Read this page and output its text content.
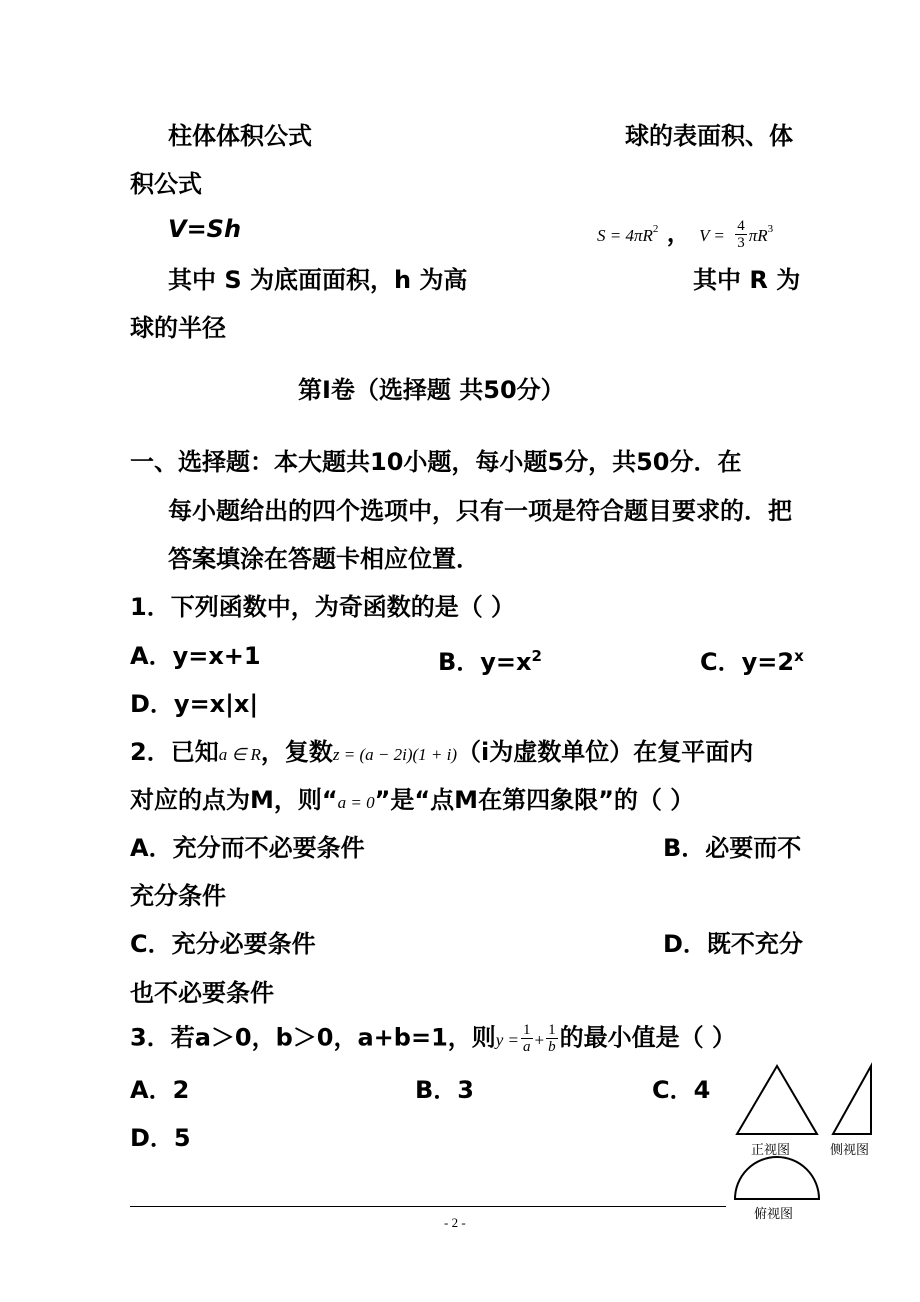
柱体体积公式	球的表面积、体
积公式
V=Sh	$S = 4\pi R^2$ ， $V = \frac{4}{3} \pi R^3$
其中 S 为底面面积，h 为高	其中 R 为
球的半径
第Ⅰ卷（选择题 共50分）
一、选择题：本大题共10小题，每小题5分，共50分．在
每小题给出的四个选项中，只有一项是符合题目要求的．把
答案填涂在答题卡相应位置．
1．下列函数中，为奇函数的是（ ）
A．y=x+1	B．$y=x^2$	C．$y=2^x$
D．y=x|x|
2．已知a ∈ R，复数z = (a − 2i)(1 + i)（i为虚数单位）在复平面内
对应的点为M，则“a = 0”是“点M在第四象限”的（ ）
A．充分而不必要条件	B．必要而不
充分条件
C．充分必要条件	D．既不充分
也不必要条件
3．若a＞0，b＞0，a+b=1，则$y = \frac{1}{a} + \frac{1}{b}$ 的最小值是（ ）
A．2	B．3	C．4
D．5	正视图	侧视图
俯视图
- 2 -
